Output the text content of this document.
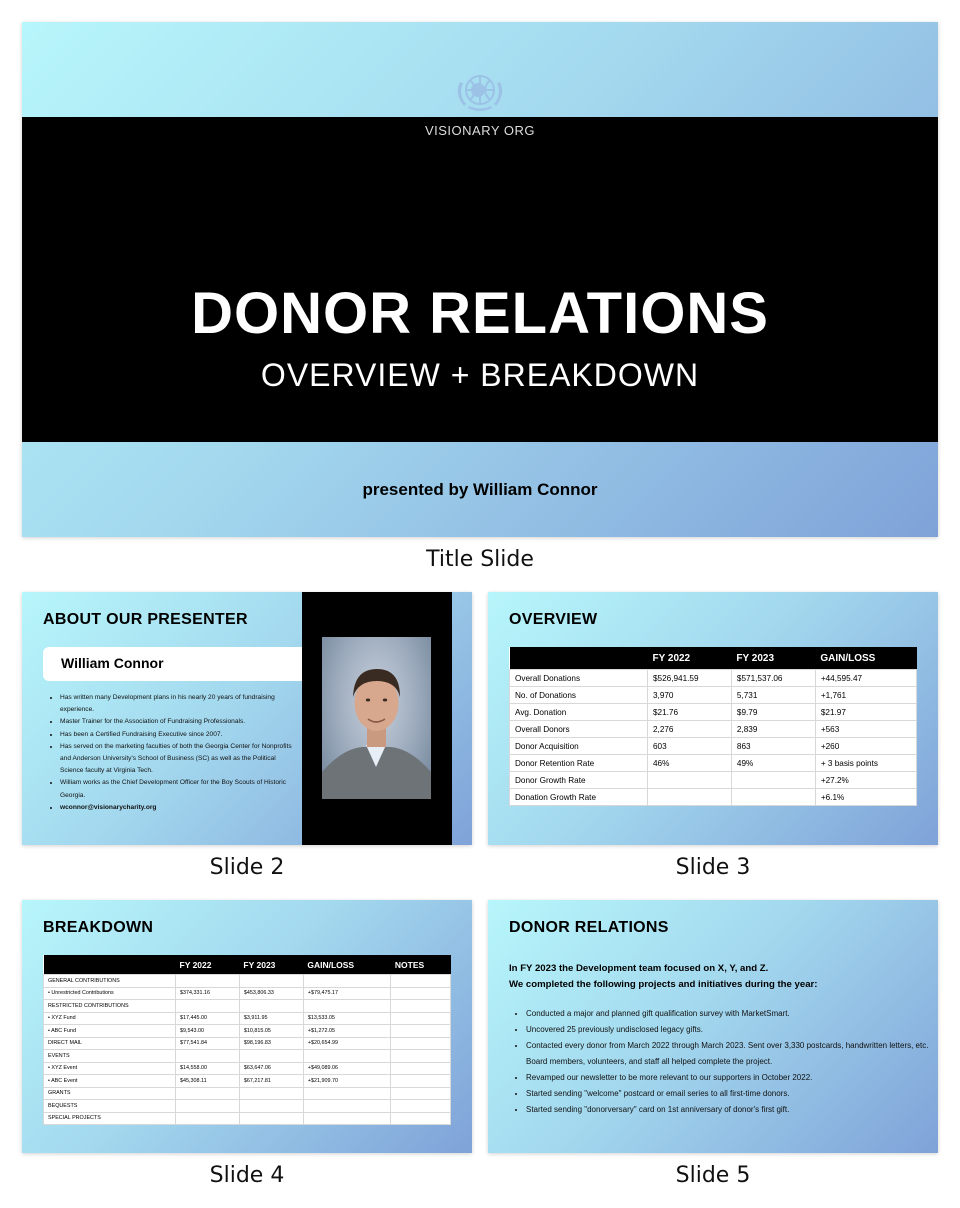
VISIONARY ORG
DONOR RELATIONS
OVERVIEW + BREAKDOWN
presented by William Connor
Title Slide
ABOUT OUR PRESENTER
William Connor
• Has written many Development plans in his nearly 20 years of fundraising experience.
• Master Trainer for the Association of Fundraising Professionals.
• Has been a Certified Fundraising Executive since 2007.
• Has served on the marketing faculties of both the Georgia Center for Nonprofits and Anderson University's School of Business (SC) as well as the Political Science faculty at Virginia Tech.
• William works as the Chief Development Officer for the Boy Scouts of Historic Georgia.
• wconnor@visionarycharity.org
Slide 2
OVERVIEW
	FY 2022	FY 2023	GAIN/LOSS
Overall Donations	$526,941.59	$571,537.06	+44,595.47
No. of Donations	3,970	5,731	+1,761
Avg. Donation	$21.76	$9.79	$21.97
Overall Donors	2,276	2,839	+563
Donor Acquisition	603	863	+260
Donor Retention Rate	46%	49%	+ 3 basis points
Donor Growth Rate			+27.2%
Donation Growth Rate			+6.1%
Slide 3
BREAKDOWN
	FY 2022	FY 2023	GAIN/LOSS	NOTES
GENERAL CONTRIBUTIONS				
• Unrestricted Contributions	$374,331.16	$453,806.33	+$79,475.17	
RESTRICTED CONTRIBUTIONS				
• XYZ Fund	$17,445.00	$3,911.95	$13,533.05	
• ABC Fund	$9,543.00	$10,815.05	+$1,272.05	
DIRECT MAIL	$77,541.84	$98,196.83	+$20,654.99	
EVENTS				
• XYZ Event	$14,558.00	$63,647.06	+$49,089.06	
• ABC Event	$45,308.11	$67,217.81	+$21,909.70	
GRANTS				
BEQUESTS				
SPECIAL PROJECTS				
Slide 4
DONOR RELATIONS
In FY 2023 the Development team focused on X, Y, and Z.
We completed the following projects and initiatives during the year:
• Conducted a major and planned gift qualification survey with MarketSmart.
• Uncovered 25 previously undisclosed legacy gifts.
• Contacted every donor from March 2022 through March 2023. Sent over 3,330 postcards, handwritten letters, etc. Board members, volunteers, and staff all helped complete the project.
• Revamped our newsletter to be more relevant to our supporters in October 2022.
• Started sending "welcome" postcard or email series to all first-time donors.
• Started sending "donorversary" card on 1st anniversary of donor's first gift.
Slide 5
